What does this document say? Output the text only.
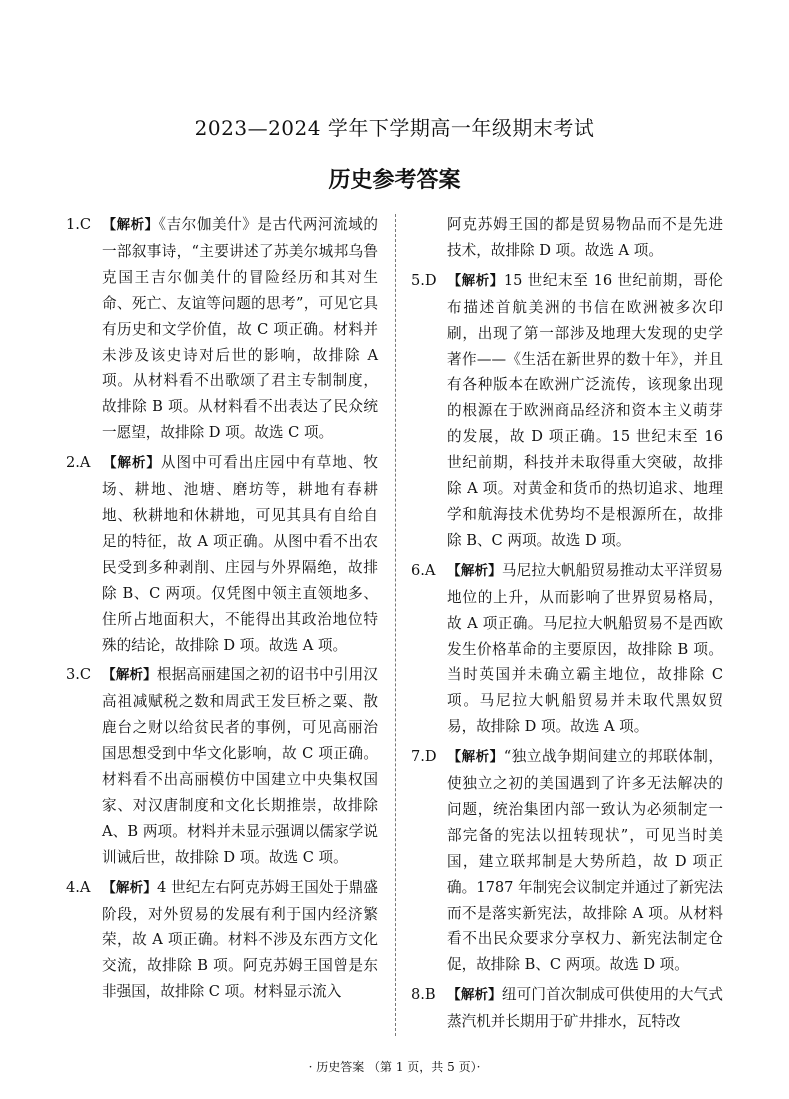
2023—2024 学年下学期高一年级期末考试
历史参考答案
1.C 【解析】《吉尔伽美什》是古代两河流域的一部叙事诗，“主要讲述了苏美尔城邦乌鲁克国王吉尔伽美什的冒险经历和其对生命、死亡、友谊等问题的思考”，可见它具有历史和文学价值，故 C 项正确。材料并未涉及该史诗对后世的影响，故排除 A 项。从材料看不出歌颂了君主专制制度，故排除 B 项。从材料看不出表达了民众统一愿望，故排除 D 项。故选 C 项。
2.A 【解析】从图中可看出庄园中有草地、牧场、耕地、池塘、磨坊等，耕地有春耕地、秋耕地和休耕地，可见其具有自给自足的特征，故 A 项正确。从图中看不出农民受到多种剥削、庄园与外界隔绝，故排除 B、C 两项。仅凭图中领主直领地多、住所占地面积大，不能得出其政治地位特殊的结论，故排除 D 项。故选 A 项。
3.C 【解析】根据高丽建国之初的诏书中引用汉高祖减赋税之数和周武王发巨桥之粟、散鹿台之财以给贫民者的事例，可见高丽治国思想受到中华文化影响，故 C 项正确。材料看不出高丽模仿中国建立中央集权国家、对汉唐制度和文化长期推崇，故排除 A、B 两项。材料并未显示强调以儒家学说训诫后世，故排除 D 项。故选 C 项。
4.A 【解析】4 世纪左右阿克苏姆王国处于鼎盛阶段，对外贸易的发展有利于国内经济繁荣，故 A 项正确。材料不涉及东西方文化交流，故排除 B 项。阿克苏姆王国曾是东非强国，故排除 C 项。材料显示流入
阿克苏姆王国的都是贸易物品而不是先进技术，故排除 D 项。故选 A 项。
5.D 【解析】15 世纪末至 16 世纪前期，哥伦布描述首航美洲的书信在欧洲被多次印刷，出现了第一部涉及地理大发现的史学著作——《生活在新世界的数十年》，并且有各种版本在欧洲广泛流传，该现象出现的根源在于欧洲商品经济和资本主义萌芽的发展，故 D 项正确。15 世纪末至 16 世纪前期，科技并未取得重大突破，故排除 A 项。对黄金和货币的热切追求、地理学和航海技术优势均不是根源所在，故排除 B、C 两项。故选 D 项。
6.A 【解析】马尼拉大帆船贸易推动太平洋贸易地位的上升，从而影响了世界贸易格局，故 A 项正确。马尼拉大帆船贸易不是西欧发生价格革命的主要原因，故排除 B 项。当时英国并未确立霸主地位，故排除 C 项。马尼拉大帆船贸易并未取代黑奴贸易，故排除 D 项。故选 A 项。
7.D 【解析】“独立战争期间建立的邦联体制，使独立之初的美国遇到了许多无法解决的问题，统治集团内部一致认为必须制定一部完备的宪法以扭转现状”，可见当时美国，建立联邦制是大势所趋，故 D 项正确。1787 年制宪会议制定并通过了新宪法而不是落实新宪法，故排除 A 项。从材料看不出民众要求分享权力、新宪法制定仓促，故排除 B、C 两项。故选 D 项。
8.B 【解析】纽可门首次制成可供使用的大气式蒸汽机并长期用于矿井排水，瓦特改
· 历史答案 （第 1 页，共 5 页）·
